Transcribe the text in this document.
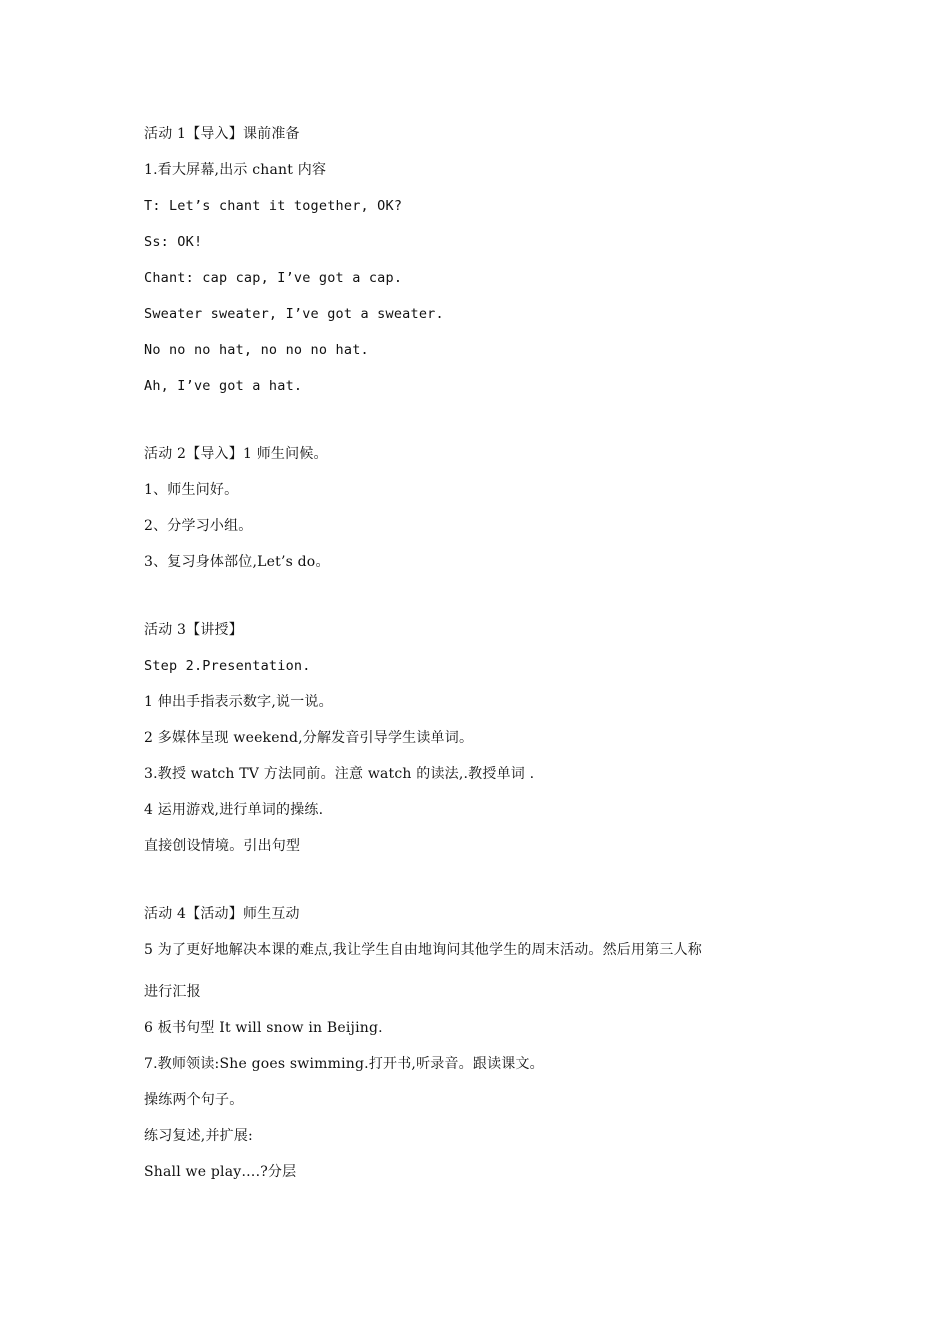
活动 1【导入】课前准备
1.看大屏幕,出示 chant 内容
T: Let’s chant it together, OK?
Ss: OK!
Chant: cap cap, I’ve got a cap.
Sweater sweater, I’ve got a sweater.
No no no hat, no no no hat.
Ah, I’ve got a hat.
活动 2【导入】1 师生问候。
1、师生问好。
2、分学习小组。
3、复习身体部位,Let’s do。
活动 3【讲授】
Step 2.Presentation.
1 伸出手指表示数字,说一说。
2 多媒体呈现 weekend,分解发音引导学生读单词。
3.教授 watch TV 方法同前。注意 watch 的读法,.教授单词 .
4 运用游戏,进行单词的操练.
直接创设情境。引出句型
活动 4【活动】师生互动
5 为了更好地解决本课的难点,我让学生自由地询问其他学生的周末活动。然后用第三人称
进行汇报
6 板书句型 It will snow in Beijing.
7.教师领读:She goes swimming.打开书,听录音。跟读课文。
操练两个句子。
练习复述,并扩展:
Shall we play….?分层
